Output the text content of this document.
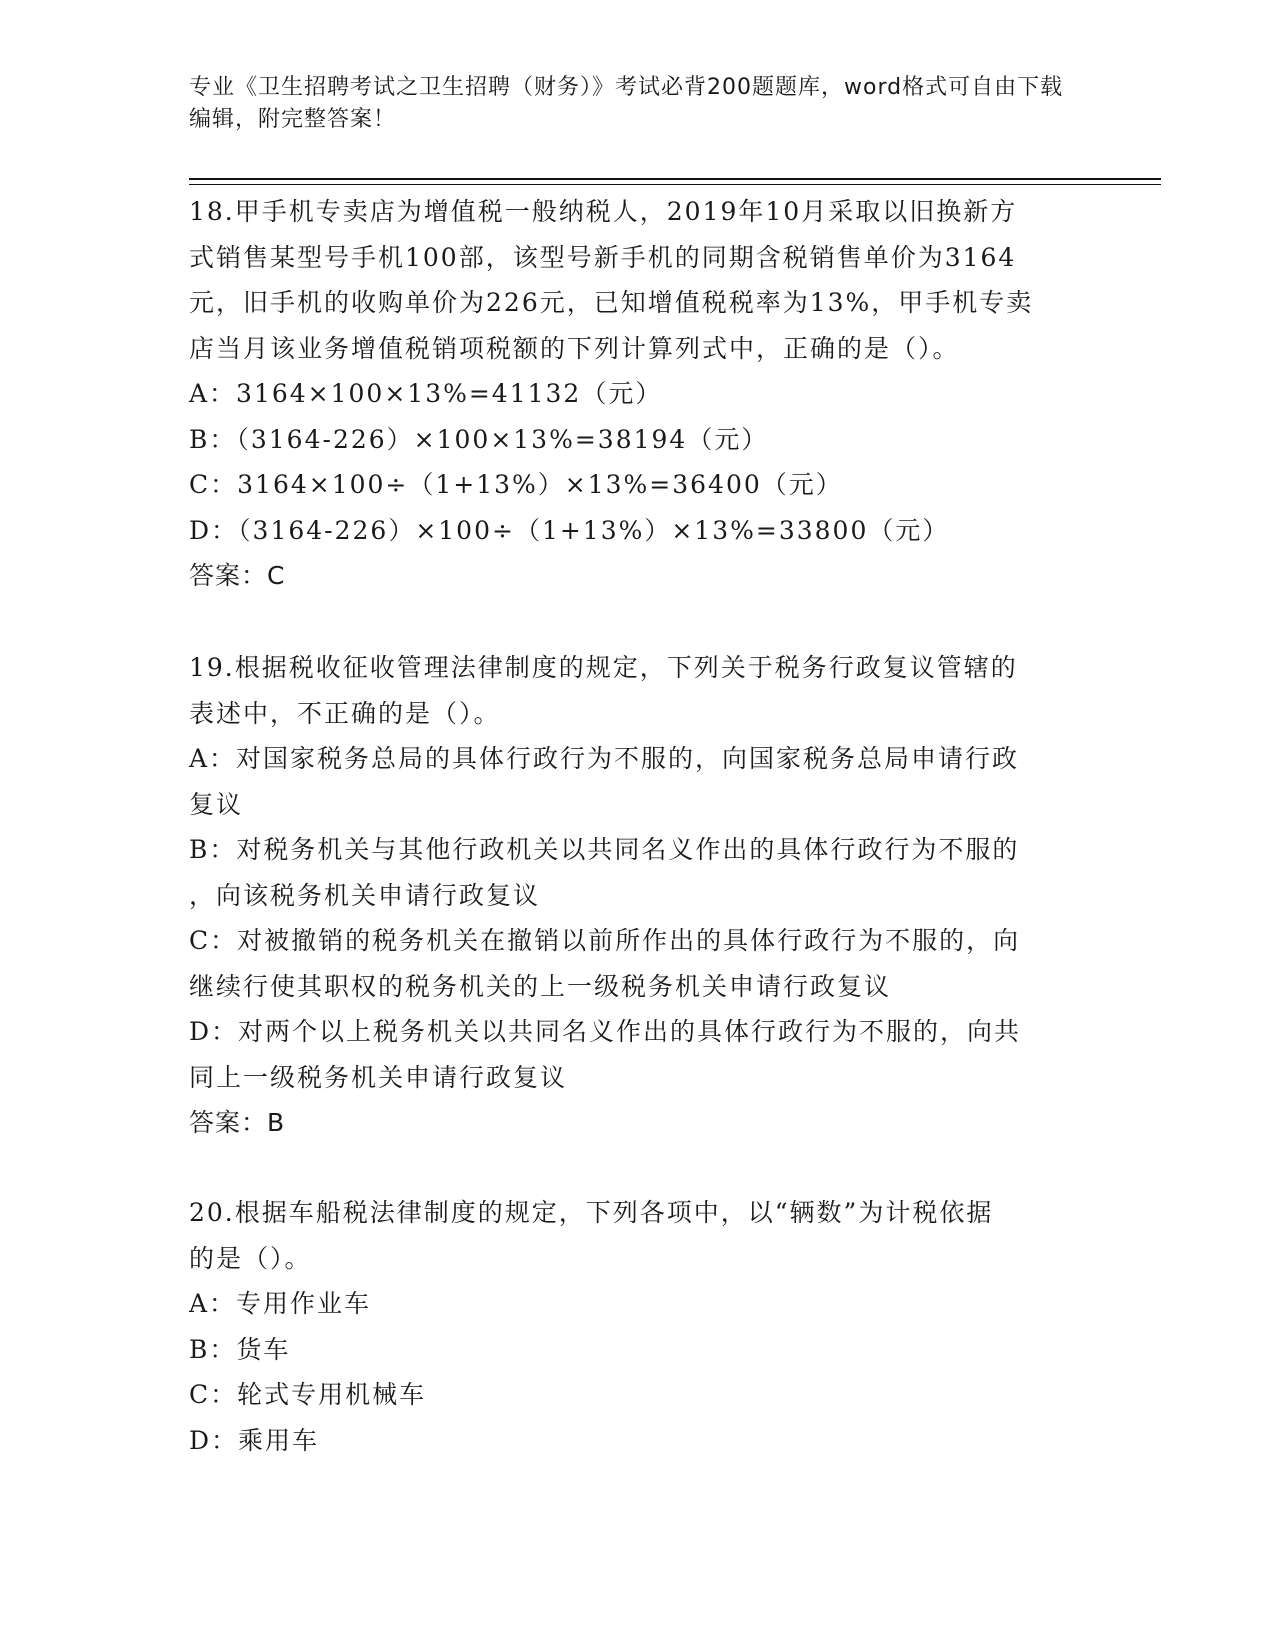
专业《卫生招聘考试之卫生招聘（财务）》考试必背200题题库，word格式可自由下载编辑，附完整答案！

18.甲手机专卖店为增值税一般纳税人，2019年10月采取以旧换新方

式销售某型号手机100部，该型号新手机的同期含税销售单价为3164

元，旧手机的收购单价为226元，已知增值税税率为13%，甲手机专卖

店当月该业务增值税销项税额的下列计算列式中，正确的是（）。

A：3164×100×13%=41132（元）

B：（3164-226）×100×13%=38194（元）

C：3164×100÷（1+13%）×13%=36400（元）

D：（3164-226）×100÷（1+13%）×13%=33800（元）

答案：C

19.根据税收征收管理法律制度的规定，下列关于税务行政复议管辖的

表述中，不正确的是（）。

A：对国家税务总局的具体行政行为不服的，向国家税务总局申请行政

复议

B：对税务机关与其他行政机关以共同名义作出的具体行政行为不服的

，向该税务机关申请行政复议

C：对被撤销的税务机关在撤销以前所作出的具体行政行为不服的，向

继续行使其职权的税务机关的上一级税务机关申请行政复议

D：对两个以上税务机关以共同名义作出的具体行政行为不服的，向共

同上一级税务机关申请行政复议

答案：B

20.根据车船税法律制度的规定，下列各项中，以“辆数”为计税依据

的是（）。

A：专用作业车

B：货车

C：轮式专用机械车

D：乘用车
